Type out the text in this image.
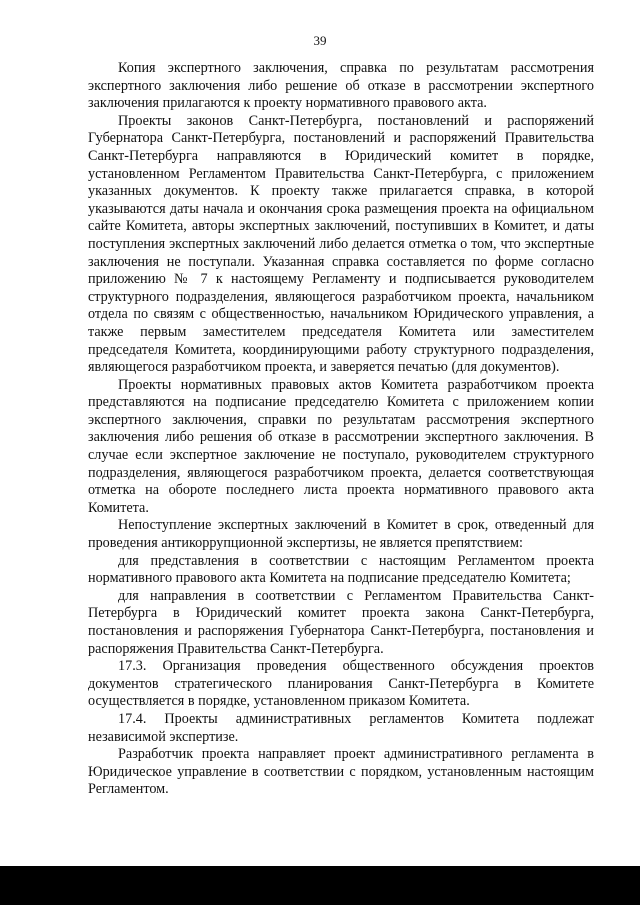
39

Копия экспертного заключения, справка по результатам рассмотрения экспертного заключения либо решение об отказе в рассмотрении экспертного заключения прилагаются к проекту нормативного правового акта.

Проекты законов Санкт-Петербурга, постановлений и распоряжений Губернатора Санкт-Петербурга, постановлений и распоряжений Правительства Санкт-Петербурга направляются в Юридический комитет в порядке, установленном Регламентом Правительства Санкт-Петербурга, с приложением указанных документов. К проекту также прилагается справка, в которой указываются даты начала и окончания срока размещения проекта на официальном сайте Комитета, авторы экспертных заключений, поступивших в Комитет, и даты поступления экспертных заключений либо делается отметка о том, что экспертные заключения не поступали. Указанная справка составляется по форме согласно приложению № 7 к настоящему Регламенту и подписывается руководителем структурного подразделения, являющегося разработчиком проекта, начальником отдела по связям с общественностью, начальником Юридического управления, а также первым заместителем председателя Комитета или заместителем председателя Комитета, координирующими работу структурного подразделения, являющегося разработчиком проекта, и заверяется печатью (для документов).

Проекты нормативных правовых актов Комитета разработчиком проекта представляются на подписание председателю Комитета с приложением копии экспертного заключения, справки по результатам рассмотрения экспертного заключения либо решения об отказе в рассмотрении экспертного заключения. В случае если экспертное заключение не поступало, руководителем структурного подразделения, являющегося разработчиком проекта, делается соответствующая отметка на обороте последнего листа проекта нормативного правового акта Комитета.

Непоступление экспертных заключений в Комитет в срок, отведенный для проведения антикоррупционной экспертизы, не является препятствием:

для представления в соответствии с настоящим Регламентом проекта нормативного правового акта Комитета на подписание председателю Комитета;

для направления в соответствии с Регламентом Правительства Санкт-Петербурга в Юридический комитет проекта закона Санкт-Петербурга, постановления и распоряжения Губернатора Санкт-Петербурга, постановления и распоряжения Правительства Санкт-Петербурга.

17.3. Организация проведения общественного обсуждения проектов документов стратегического планирования Санкт-Петербурга в Комитете осуществляется в порядке, установленном приказом Комитета.

17.4. Проекты административных регламентов Комитета подлежат независимой экспертизе.

Разработчик проекта направляет проект административного регламента в Юридическое управление в соответствии с порядком, установленным настоящим Регламентом.
